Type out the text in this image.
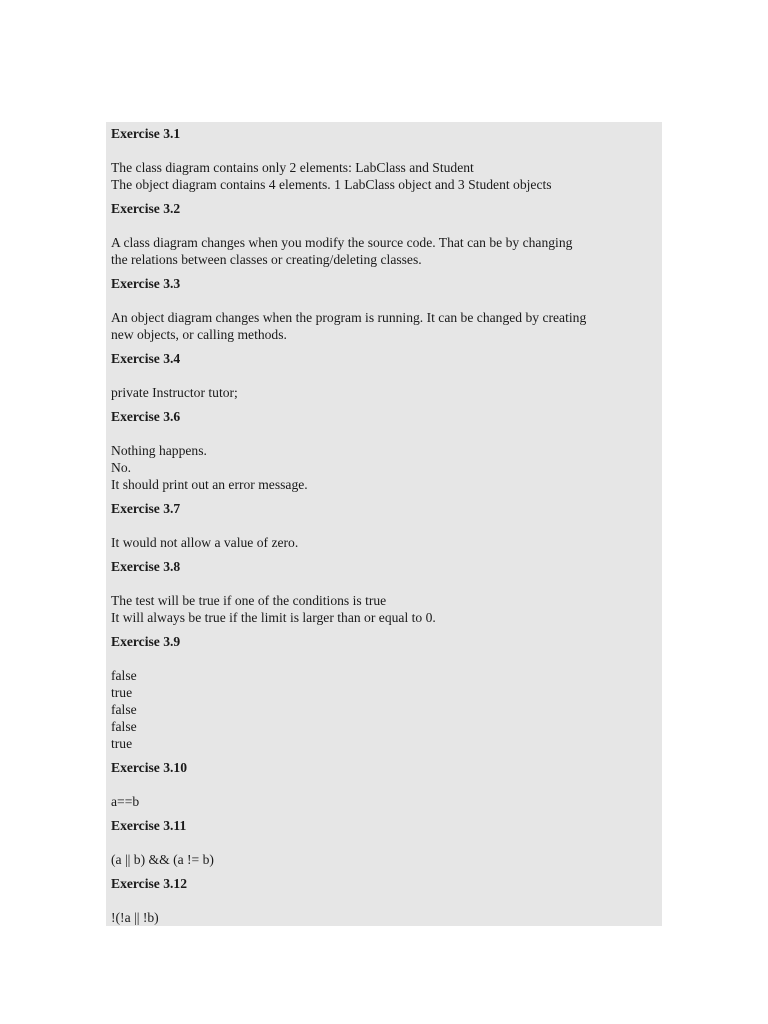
Exercise 3.1
The class diagram contains only 2 elements: LabClass and Student
The object diagram contains 4 elements. 1 LabClass object and 3 Student objects
Exercise 3.2
A class diagram changes when you modify the source code. That can be by changing
the relations between classes or creating/deleting classes.
Exercise 3.3
An object diagram changes when the program is running. It can be changed by creating
new objects, or calling methods.
Exercise 3.4
private Instructor tutor;
Exercise 3.6
Nothing happens.
No.
It should print out an error message.
Exercise 3.7
It would not allow a value of zero.
Exercise 3.8
The test will be true if one of the conditions is true
It will always be true if the limit is larger than or equal to 0.
Exercise 3.9
false
true
false
false
true
Exercise 3.10
a==b
Exercise 3.11
(a || b) && (a != b)
Exercise 3.12
!(!a || !b)
